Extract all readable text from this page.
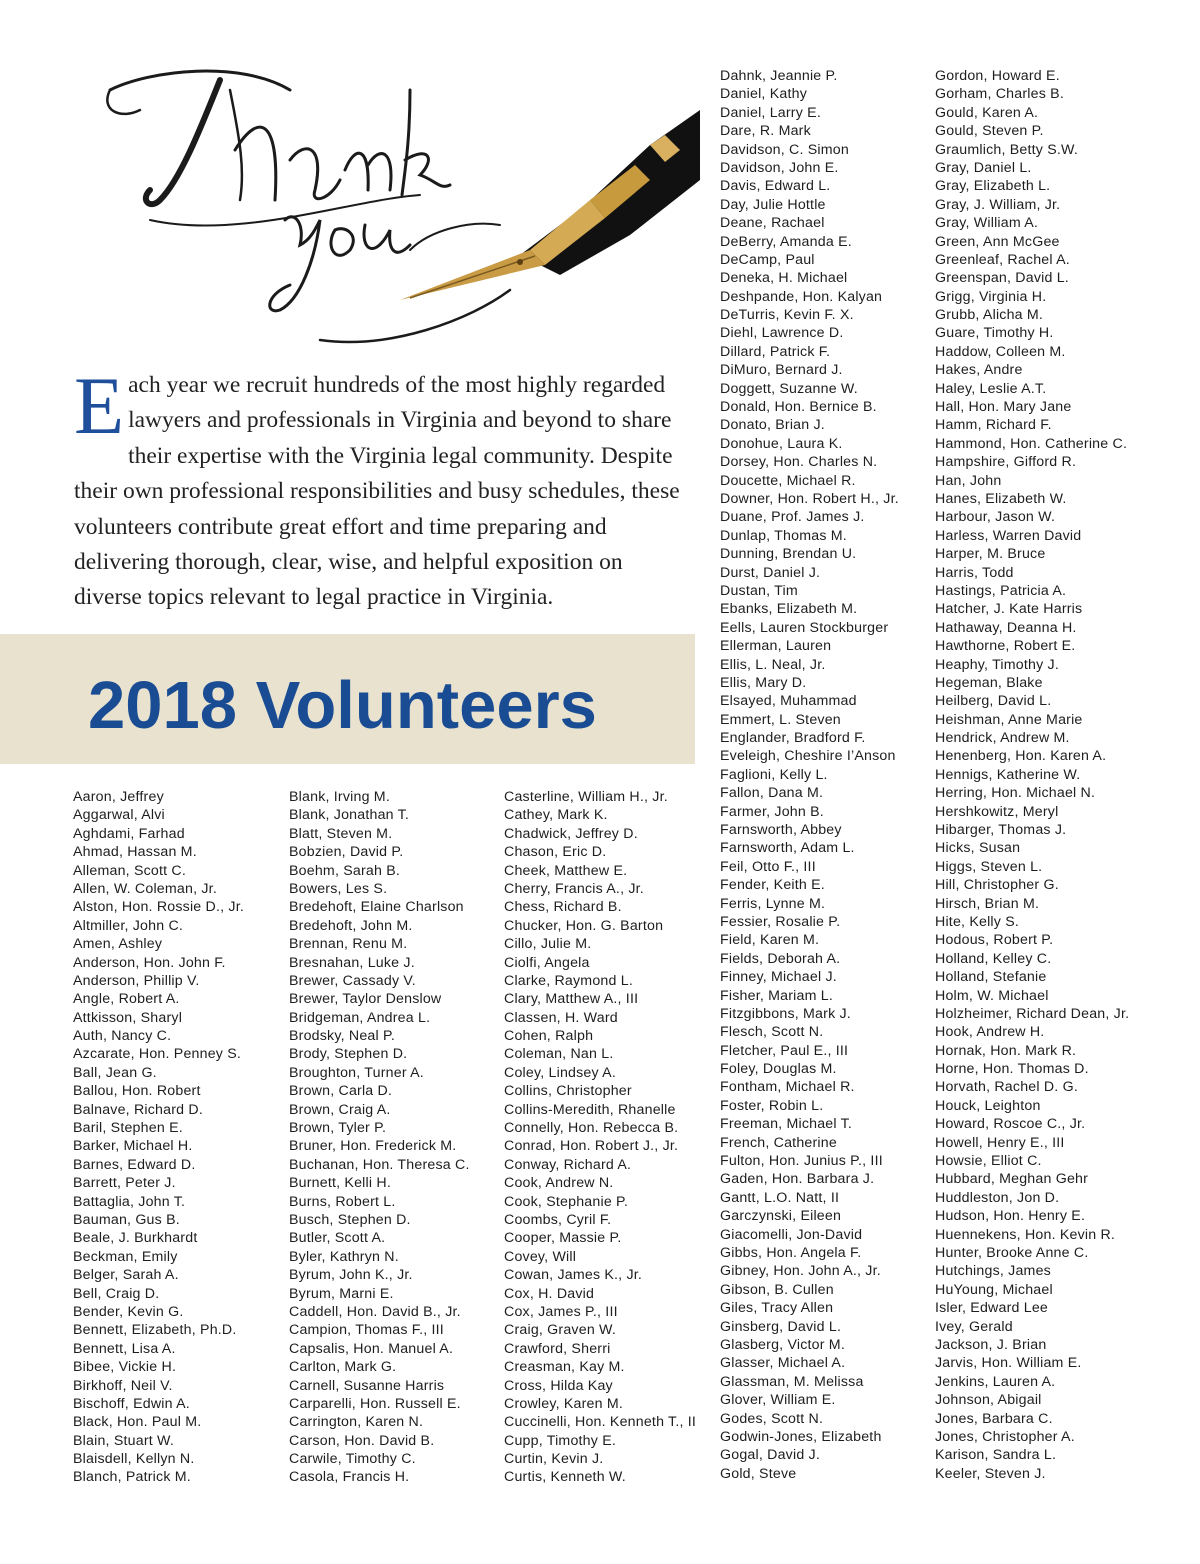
Each year we recruit hundreds of the most highly regarded lawyers and professionals in Virginia and beyond to share their expertise with the Virginia legal community. Despite their own professional responsibilities and busy schedules, these volunteers contribute great effort and time preparing and delivering thorough, clear, wise, and helpful exposition on diverse topics relevant to legal practice in Virginia.

2018 Volunteers
Aaron, Jeffrey
Aggarwal, Alvi
Aghdami, Farhad
Ahmad, Hassan M.
Alleman, Scott C.
Allen, W. Coleman, Jr.
Alston, Hon. Rossie D., Jr.
Altmiller, John C.
Amen, Ashley
Anderson, Hon. John F.
Anderson, Phillip V.
Angle, Robert A.
Attkisson, Sharyl
Auth, Nancy C.
Azcarate, Hon. Penney S.
Ball, Jean G.
Ballou, Hon. Robert
Balnave, Richard D.
Baril, Stephen E.
Barker, Michael H.
Barnes, Edward D.
Barrett, Peter J.
Battaglia, John T.
Bauman, Gus B.
Beale, J. Burkhardt
Beckman, Emily
Belger, Sarah A.
Bell, Craig D.
Bender, Kevin G.
Bennett, Elizabeth, Ph.D.
Bennett, Lisa A.
Bibee, Vickie H.
Birkhoff, Neil V.
Bischoff, Edwin A.
Black, Hon. Paul M.
Blain, Stuart W.
Blaisdell, Kellyn N.
Blanch, Patrick M.
Blank, Irving M.
Blank, Jonathan T.
Blatt, Steven M.
Bobzien, David P.
Boehm, Sarah B.
Bowers, Les S.
Bredehoft, Elaine Charlson
Bredehoft, John M.
Brennan, Renu M.
Bresnahan, Luke J.
Brewer, Cassady V.
Brewer, Taylor Denslow
Bridgeman, Andrea L.
Brodsky, Neal P.
Brody, Stephen D.
Broughton, Turner A.
Brown, Carla D.
Brown, Craig A.
Brown, Tyler P.
Bruner, Hon. Frederick M.
Buchanan, Hon. Theresa C.
Burnett, Kelli H.
Burns, Robert L.
Busch, Stephen D.
Butler, Scott A.
Byler, Kathryn N.
Byrum, John K., Jr.
Byrum, Marni E.
Caddell, Hon. David B., Jr.
Campion, Thomas F., III
Capsalis, Hon. Manuel A.
Carlton, Mark G.
Carnell, Susanne Harris
Carparelli, Hon. Russell E.
Carrington, Karen N.
Carson, Hon. David B.
Carwile, Timothy C.
Casola, Francis H.
Casterline, William H., Jr.
Cathey, Mark K.
Chadwick, Jeffrey D.
Chason, Eric D.
Cheek, Matthew E.
Cherry, Francis A., Jr.
Chess, Richard B.
Chucker, Hon. G. Barton
Cillo, Julie M.
Ciolfi, Angela
Clarke, Raymond L.
Clary, Matthew A., III
Classen, H. Ward
Cohen, Ralph
Coleman, Nan L.
Coley, Lindsey A.
Collins, Christopher
Collins-Meredith, Rhanelle
Connelly, Hon. Rebecca B.
Conrad, Hon. Robert J., Jr.
Conway, Richard A.
Cook, Andrew N.
Cook, Stephanie P.
Coombs, Cyril F.
Cooper, Massie P.
Covey, Will
Cowan, James K., Jr.
Cox, H. David
Cox, James P., III
Craig, Graven W.
Crawford, Sherri
Creasman, Kay M.
Cross, Hilda Kay
Crowley, Karen M.
Cuccinelli, Hon. Kenneth T., II
Cupp, Timothy E.
Curtin, Kevin J.
Curtis, Kenneth W.
Dahnk, Jeannie P.
Daniel, Kathy
Daniel, Larry E.
Dare, R. Mark
Davidson, C. Simon
Davidson, John E.
Davis, Edward L.
Day, Julie Hottle
Deane, Rachael
DeBerry, Amanda E.
DeCamp, Paul
Deneka, H. Michael
Deshpande, Hon. Kalyan
DeTurris, Kevin F. X.
Diehl, Lawrence D.
Dillard, Patrick F.
DiMuro, Bernard J.
Doggett, Suzanne W.
Donald, Hon. Bernice B.
Donato, Brian J.
Donohue, Laura K.
Dorsey, Hon. Charles N.
Doucette, Michael R.
Downer, Hon. Robert H., Jr.
Duane, Prof. James J.
Dunlap, Thomas M.
Dunning, Brendan U.
Durst, Daniel J.
Dustan, Tim
Ebanks, Elizabeth M.
Eells, Lauren Stockburger
Ellerman, Lauren
Ellis, L. Neal, Jr.
Ellis, Mary D.
Elsayed, Muhammad
Emmert, L. Steven
Englander, Bradford F.
Eveleigh, Cheshire I’Anson
Faglioni, Kelly L.
Fallon, Dana M.
Farmer, John B.
Farnsworth, Abbey
Farnsworth, Adam L.
Feil, Otto F., III
Fender, Keith E.
Ferris, Lynne M.
Fessier, Rosalie P.
Field, Karen M.
Fields, Deborah A.
Finney, Michael J.
Fisher, Mariam L.
Fitzgibbons, Mark J.
Flesch, Scott N.
Fletcher, Paul E., III
Foley, Douglas M.
Fontham, Michael R.
Foster, Robin L.
Freeman, Michael T.
French, Catherine
Fulton, Hon. Junius P., III
Gaden, Hon. Barbara J.
Gantt, L.O. Natt, II
Garczynski, Eileen
Giacomelli, Jon-David
Gibbs, Hon. Angela F.
Gibney, Hon. John A., Jr.
Gibson, B. Cullen
Giles, Tracy Allen
Ginsberg, David L.
Glasberg, Victor M.
Glasser, Michael A.
Glassman, M. Melissa
Glover, William E.
Godes, Scott N.
Godwin-Jones, Elizabeth
Gogal, David J.
Gold, Steve
Gordon, Howard E.
Gorham, Charles B.
Gould, Karen A.
Gould, Steven P.
Graumlich, Betty S.W.
Gray, Daniel L.
Gray, Elizabeth L.
Gray, J. William, Jr.
Gray, William A.
Green, Ann McGee
Greenleaf, Rachel A.
Greenspan, David L.
Grigg, Virginia H.
Grubb, Alicha M.
Guare, Timothy H.
Haddow, Colleen M.
Hakes, Andre
Haley, Leslie A.T.
Hall, Hon. Mary Jane
Hamm, Richard F.
Hammond, Hon. Catherine C.
Hampshire, Gifford R.
Han, John
Hanes, Elizabeth W.
Harbour, Jason W.
Harless, Warren David
Harper, M. Bruce
Harris, Todd
Hastings, Patricia A.
Hatcher, J. Kate Harris
Hathaway, Deanna H.
Hawthorne, Robert E.
Heaphy, Timothy J.
Hegeman, Blake
Heilberg, David L.
Heishman, Anne Marie
Hendrick, Andrew M.
Henenberg, Hon. Karen A.
Hennigs, Katherine W.
Herring, Hon. Michael N.
Hershkowitz, Meryl
Hibarger, Thomas J.
Hicks, Susan
Higgs, Steven L.
Hill, Christopher G.
Hirsch, Brian M.
Hite, Kelly S.
Hodous, Robert P.
Holland, Kelley C.
Holland, Stefanie
Holm, W. Michael
Holzheimer, Richard Dean, Jr.
Hook, Andrew H.
Hornak, Hon. Mark R.
Horne, Hon. Thomas D.
Horvath, Rachel D. G.
Houck, Leighton
Howard, Roscoe C., Jr.
Howell, Henry E., III
Howsie, Elliot C.
Hubbard, Meghan Gehr
Huddleston, Jon D.
Hudson, Hon. Henry E.
Huennekens, Hon. Kevin R.
Hunter, Brooke Anne C.
Hutchings, James
HuYoung, Michael
Isler, Edward Lee
Ivey, Gerald
Jackson, J. Brian
Jarvis, Hon. William E.
Jenkins, Lauren A.
Johnson, Abigail
Jones, Barbara C.
Jones, Christopher A.
Karison, Sandra L.
Keeler, Steven J.
